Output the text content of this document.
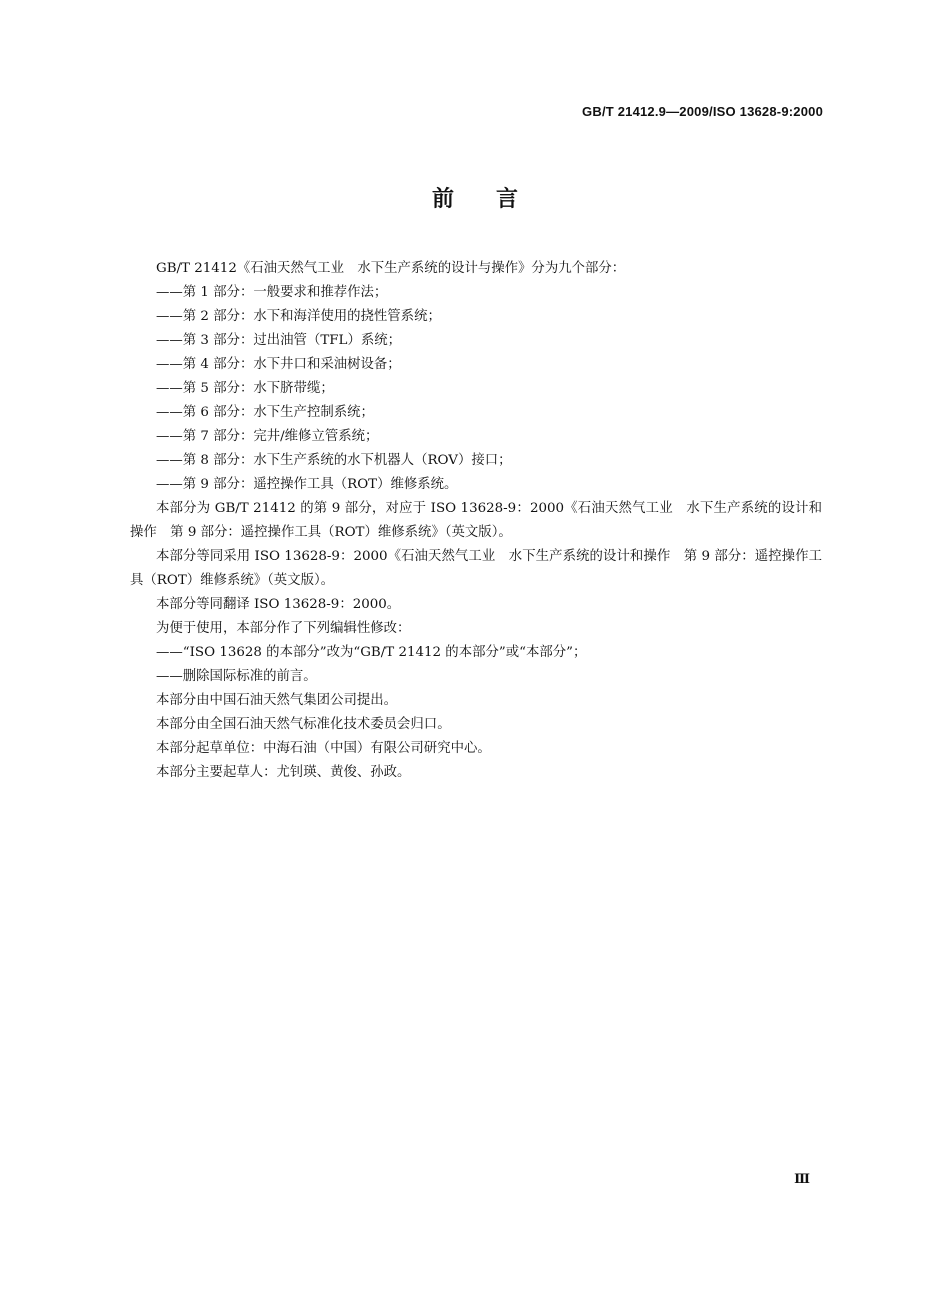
GB/T 21412.9—2009/ISO 13628-9:2000
前言

GB/T 21412《石油天然气工业　水下生产系统的设计与操作》分为九个部分：

——第 1 部分：一般要求和推荐作法；

——第 2 部分：水下和海洋使用的挠性管系统；

——第 3 部分：过出油管（TFL）系统；

——第 4 部分：水下井口和采油树设备；

——第 5 部分：水下脐带缆；

——第 6 部分：水下生产控制系统；

——第 7 部分：完井/维修立管系统；

——第 8 部分：水下生产系统的水下机器人（ROV）接口；

——第 9 部分：遥控操作工具（ROT）维修系统。

本部分为 GB/T 21412 的第 9 部分，对应于 ISO 13628-9：2000《石油天然气工业　水下生产系统的设计和操作　第 9 部分：遥控操作工具（ROT）维修系统》（英文版）。

本部分等同采用 ISO 13628-9：2000《石油天然气工业　水下生产系统的设计和操作　第 9 部分：遥控操作工具（ROT）维修系统》（英文版）。

本部分等同翻译 ISO 13628-9：2000。

为便于使用，本部分作了下列编辑性修改：

——“ISO 13628 的本部分”改为“GB/T 21412 的本部分”或“本部分”；

——删除国际标准的前言。

本部分由中国石油天然气集团公司提出。

本部分由全国石油天然气标准化技术委员会归口。

本部分起草单位：中海石油（中国）有限公司研究中心。

本部分主要起草人：尤钊瑛、黄俊、孙政。

Ⅲ
